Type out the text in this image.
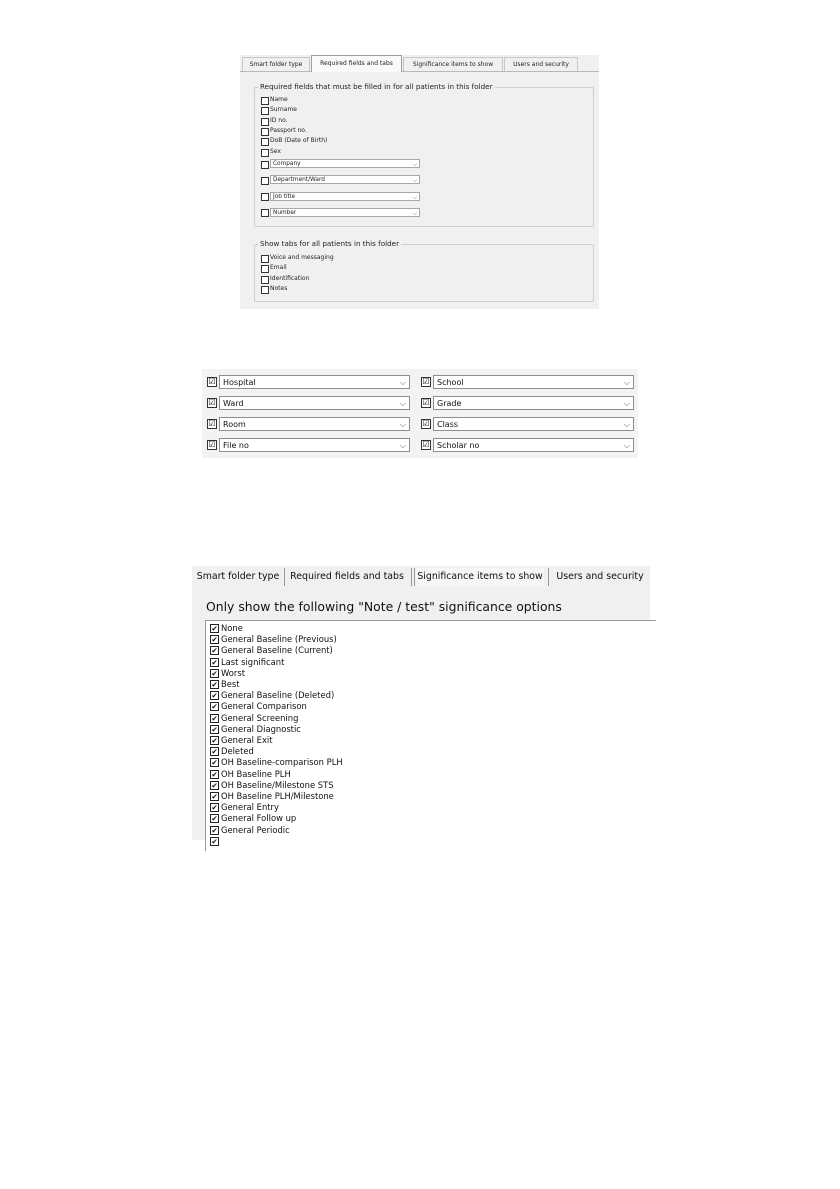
Smart folder type	Required fields and tabs	Significance items to show	Users and security
Required fields that must be filled in for all patients in this folder
Show tabs for all patients in this folder
Name
Surname
ID no.
Passport no.
DoB (Date of Birth)
Sex
Company	⌵
Department/Ward	⌵
Job title	⌵
Number	⌵
Voice and messaging
Email
Identification
Notes
☑ Hospital	⌵
☑ Ward	⌵
☑ Room	⌵
☑ File no	⌵
☑ School	⌵
☑ Grade	⌵
☑ Class	⌵
☑ Scholar no	⌵
Smart folder type	Required fields and tabs	Significance items to show	Users and security
Only show the following "Note / test" significance options
✔ None
✔ General Baseline (Previous)
✔ General Baseline (Current)
✔ Last significant
✔ Worst
✔ Best
✔ General Baseline (Deleted)
✔ General Comparison
✔ General Screening
✔ General Diagnostic
✔ General Exit
✔ Deleted
✔ OH Baseline-comparison PLH
✔ OH Baseline PLH
✔ OH Baseline/Milestone STS
✔ OH Baseline PLH/Milestone
✔ General Entry
✔ General Follow up
✔ General Periodic
✔
